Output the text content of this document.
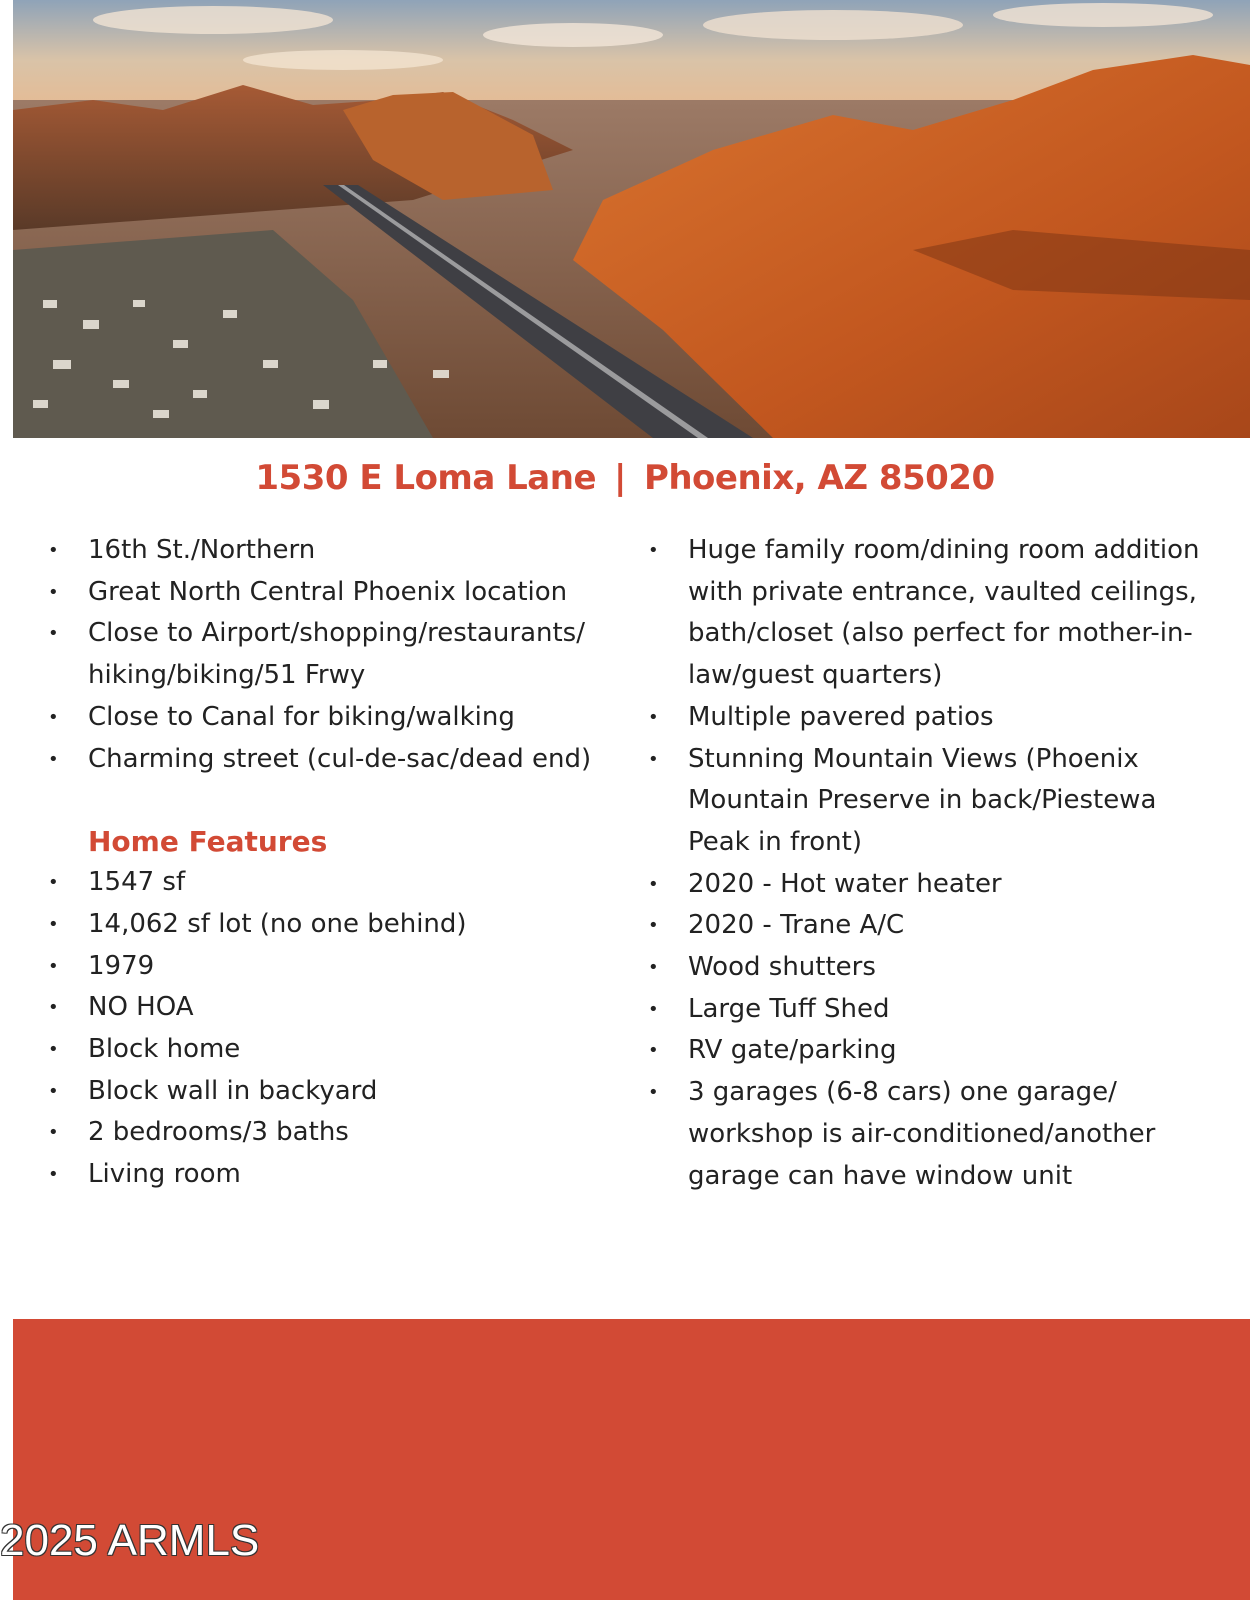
1530 E Loma Lane | Phoenix, AZ 85020
• 16th St./Northern
• Great North Central Phoenix location
• Close to Airport/shopping/restaurants/ hiking/biking/51 Frwy
• Close to Canal for biking/walking
• Charming street (cul-de-sac/dead end)
Home Features
• 1547 sf
• 14,062 sf lot (no one behind)
• 1979
• NO HOA
• Block home
• Block wall in backyard
• 2 bedrooms/3 baths
• Living room
• Huge family room/dining room addition with private entrance, vaulted ceilings, bath/closet (also perfect for mother-in-law/guest quarters)
• Multiple pavered patios
• Stunning Mountain Views (Phoenix Mountain Preserve in back/Piestewa Peak in front)
• 2020 - Hot water heater
• 2020 - Trane A/C
• Wood shutters
• Large Tuff Shed
• RV gate/parking
• 3 garages (6-8 cars) one garage/ workshop is air-conditioned/another garage can have window unit
2025 ARMLS
